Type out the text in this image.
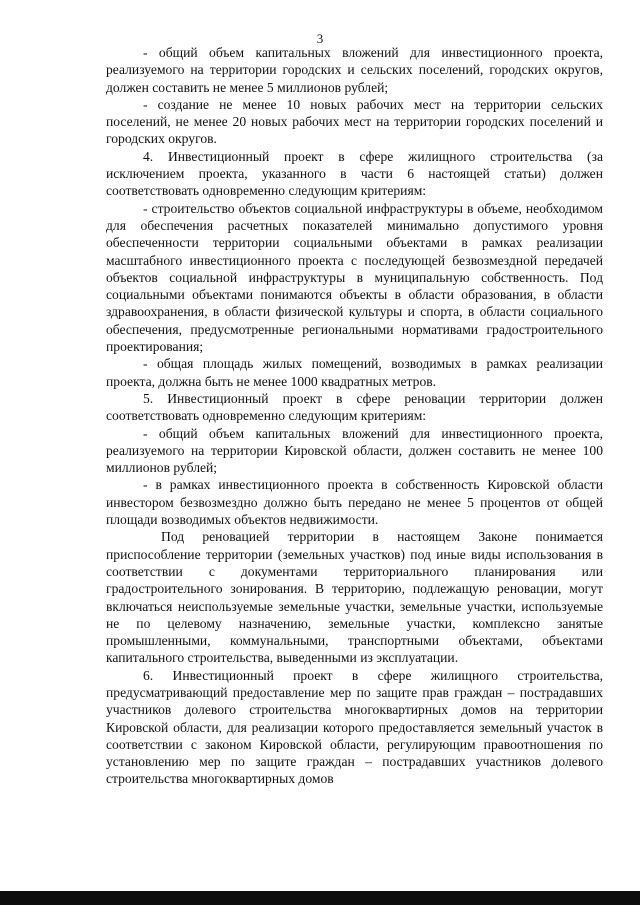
3

- общий объем капитальных вложений для инвестиционного проекта, реализуемого на территории городских и сельских поселений, городских округов, должен составить не менее 5 миллионов рублей;

- создание не менее 10 новых рабочих мест на территории сельских поселений, не менее 20 новых рабочих мест на территории городских поселений и городских округов.

4. Инвестиционный проект в сфере жилищного строительства (за исключением проекта, указанного в части 6 настоящей статьи) должен соответствовать одновременно следующим критериям:

- строительство объектов социальной инфраструктуры в объеме, необходимом для обеспечения расчетных показателей минимально допустимого уровня обеспеченности территории социальными объектами в рамках реализации масштабного инвестиционного проекта с последующей безвозмездной передачей объектов социальной инфраструктуры в муниципальную собственность. Под социальными объектами понимаются объекты в области образования, в области здравоохранения, в области физической культуры и спорта, в области социального обеспечения, предусмотренные региональными нормативами градостроительного проектирования;

- общая площадь жилых помещений, возводимых в рамках реализации проекта, должна быть не менее 1000 квадратных метров.

5. Инвестиционный проект в сфере реновации территории должен соответствовать одновременно следующим критериям:

- общий объем капитальных вложений для инвестиционного проекта, реализуемого на территории Кировской области, должен составить не менее 100 миллионов рублей;

- в рамках инвестиционного проекта в собственность Кировской области инвестором безвозмездно должно быть передано не менее 5 процентов от общей площади возводимых объектов недвижимости.

Под реновацией территории в настоящем Законе понимается приспособление территории (земельных участков) под иные виды использования в соответствии с документами территориального планирования или градостроительного зонирования. В территорию, подлежащую реновации, могут включаться неиспользуемые земельные участки, земельные участки, используемые не по целевому назначению, земельные участки, комплексно занятые промышленными, коммунальными, транспортными объектами, объектами капитального строительства, выведенными из эксплуатации.

6. Инвестиционный проект в сфере жилищного строительства, предусматривающий предоставление мер по защите прав граждан – пострадавших участников долевого строительства многоквартирных домов на территории Кировской области, для реализации которого предоставляется земельный участок в соответствии с законом Кировской области, регулирующим правоотношения по установлению мер по защите граждан – пострадавших участников долевого строительства многоквартирных домов
